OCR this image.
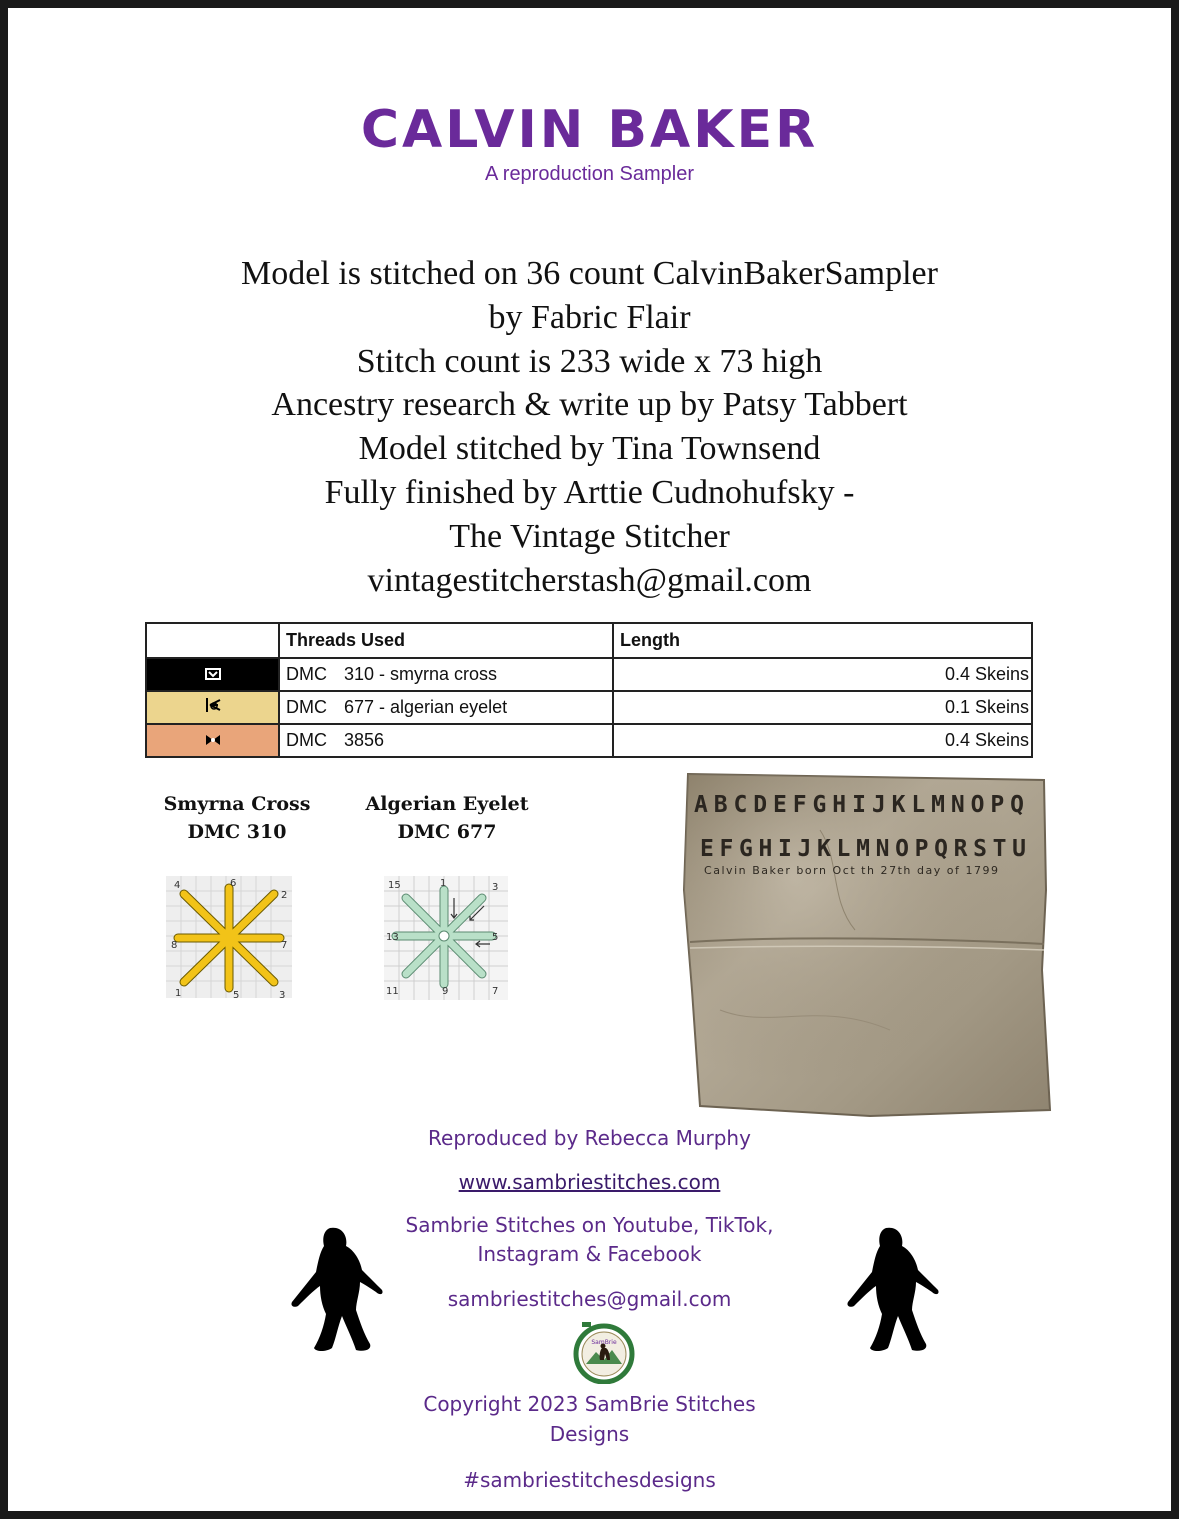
CALVIN BAKER
A reproduction Sampler
Model is stitched on 36 count CalvinBakerSampler
by Fabric Flair
Stitch count is 233 wide x 73 high
Ancestry research & write up by Patsy Tabbert
Model stitched by Tina Townsend
Fully finished by Arttie Cudnohufsky -
The Vintage Stitcher
vintagestitcherstash@gmail.com
	Threads Used	Length
	DMC 310 - smyrna cross	0.4 Skeins
	DMC 677 - algerian eyelet	0.1 Skeins
	DMC 3856	0.4 Skeins
Smyrna Cross
DMC 310
Algerian Eyelet
DMC 677
4	6
2
8	7
1	5	3
15	1	3
13	5
11	9	7
ABCDEFGHIJKLMNOPQ
EFGHIJKLMNOPQRSTU
Calvin Baker born Oct th 27th day of 1799
Reproduced by Rebecca Murphy
www.sambriestitches.com
Sambrie Stitches on Youtube, TikTok,
Instagram & Facebook
sambriestitches@gmail.com
SamBrie
Copyright 2023 SamBrie Stitches
Designs
#sambriestitchesdesigns
